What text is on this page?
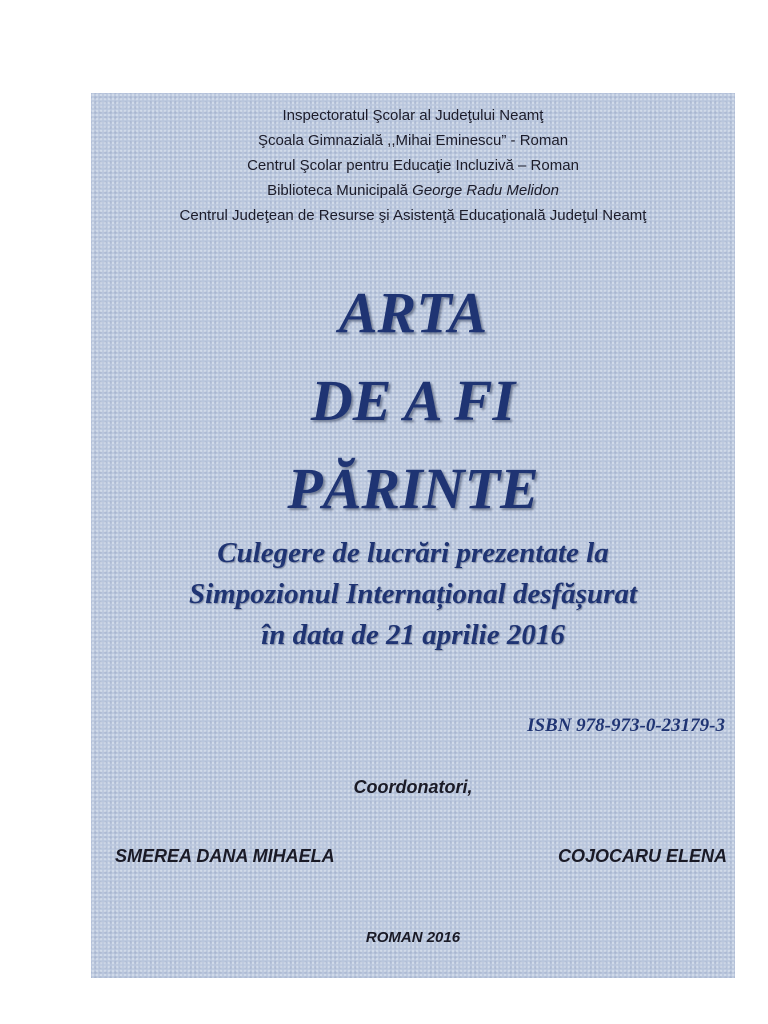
Inspectoratul Şcolar al Judeţului Neamţ
Şcoala Gimnazială ,,Mihai Eminescu” - Roman
Centrul Şcolar pentru Educaţie Incluzivă – Roman
Biblioteca Municipală George Radu Melidon
Centrul Judeţean de Resurse şi Asistenţă Educaţională Judeţul Neamţ
ARTA
DE A FI
PĂRINTE
Culegere de lucrări prezentate la
Simpozionul Internațional desfășurat
în data de 21 aprilie 2016
ISBN 978-973-0-23179-3
Coordonatori,
SMEREA DANA MIHAELA	COJOCARU ELENA
ROMAN 2016
